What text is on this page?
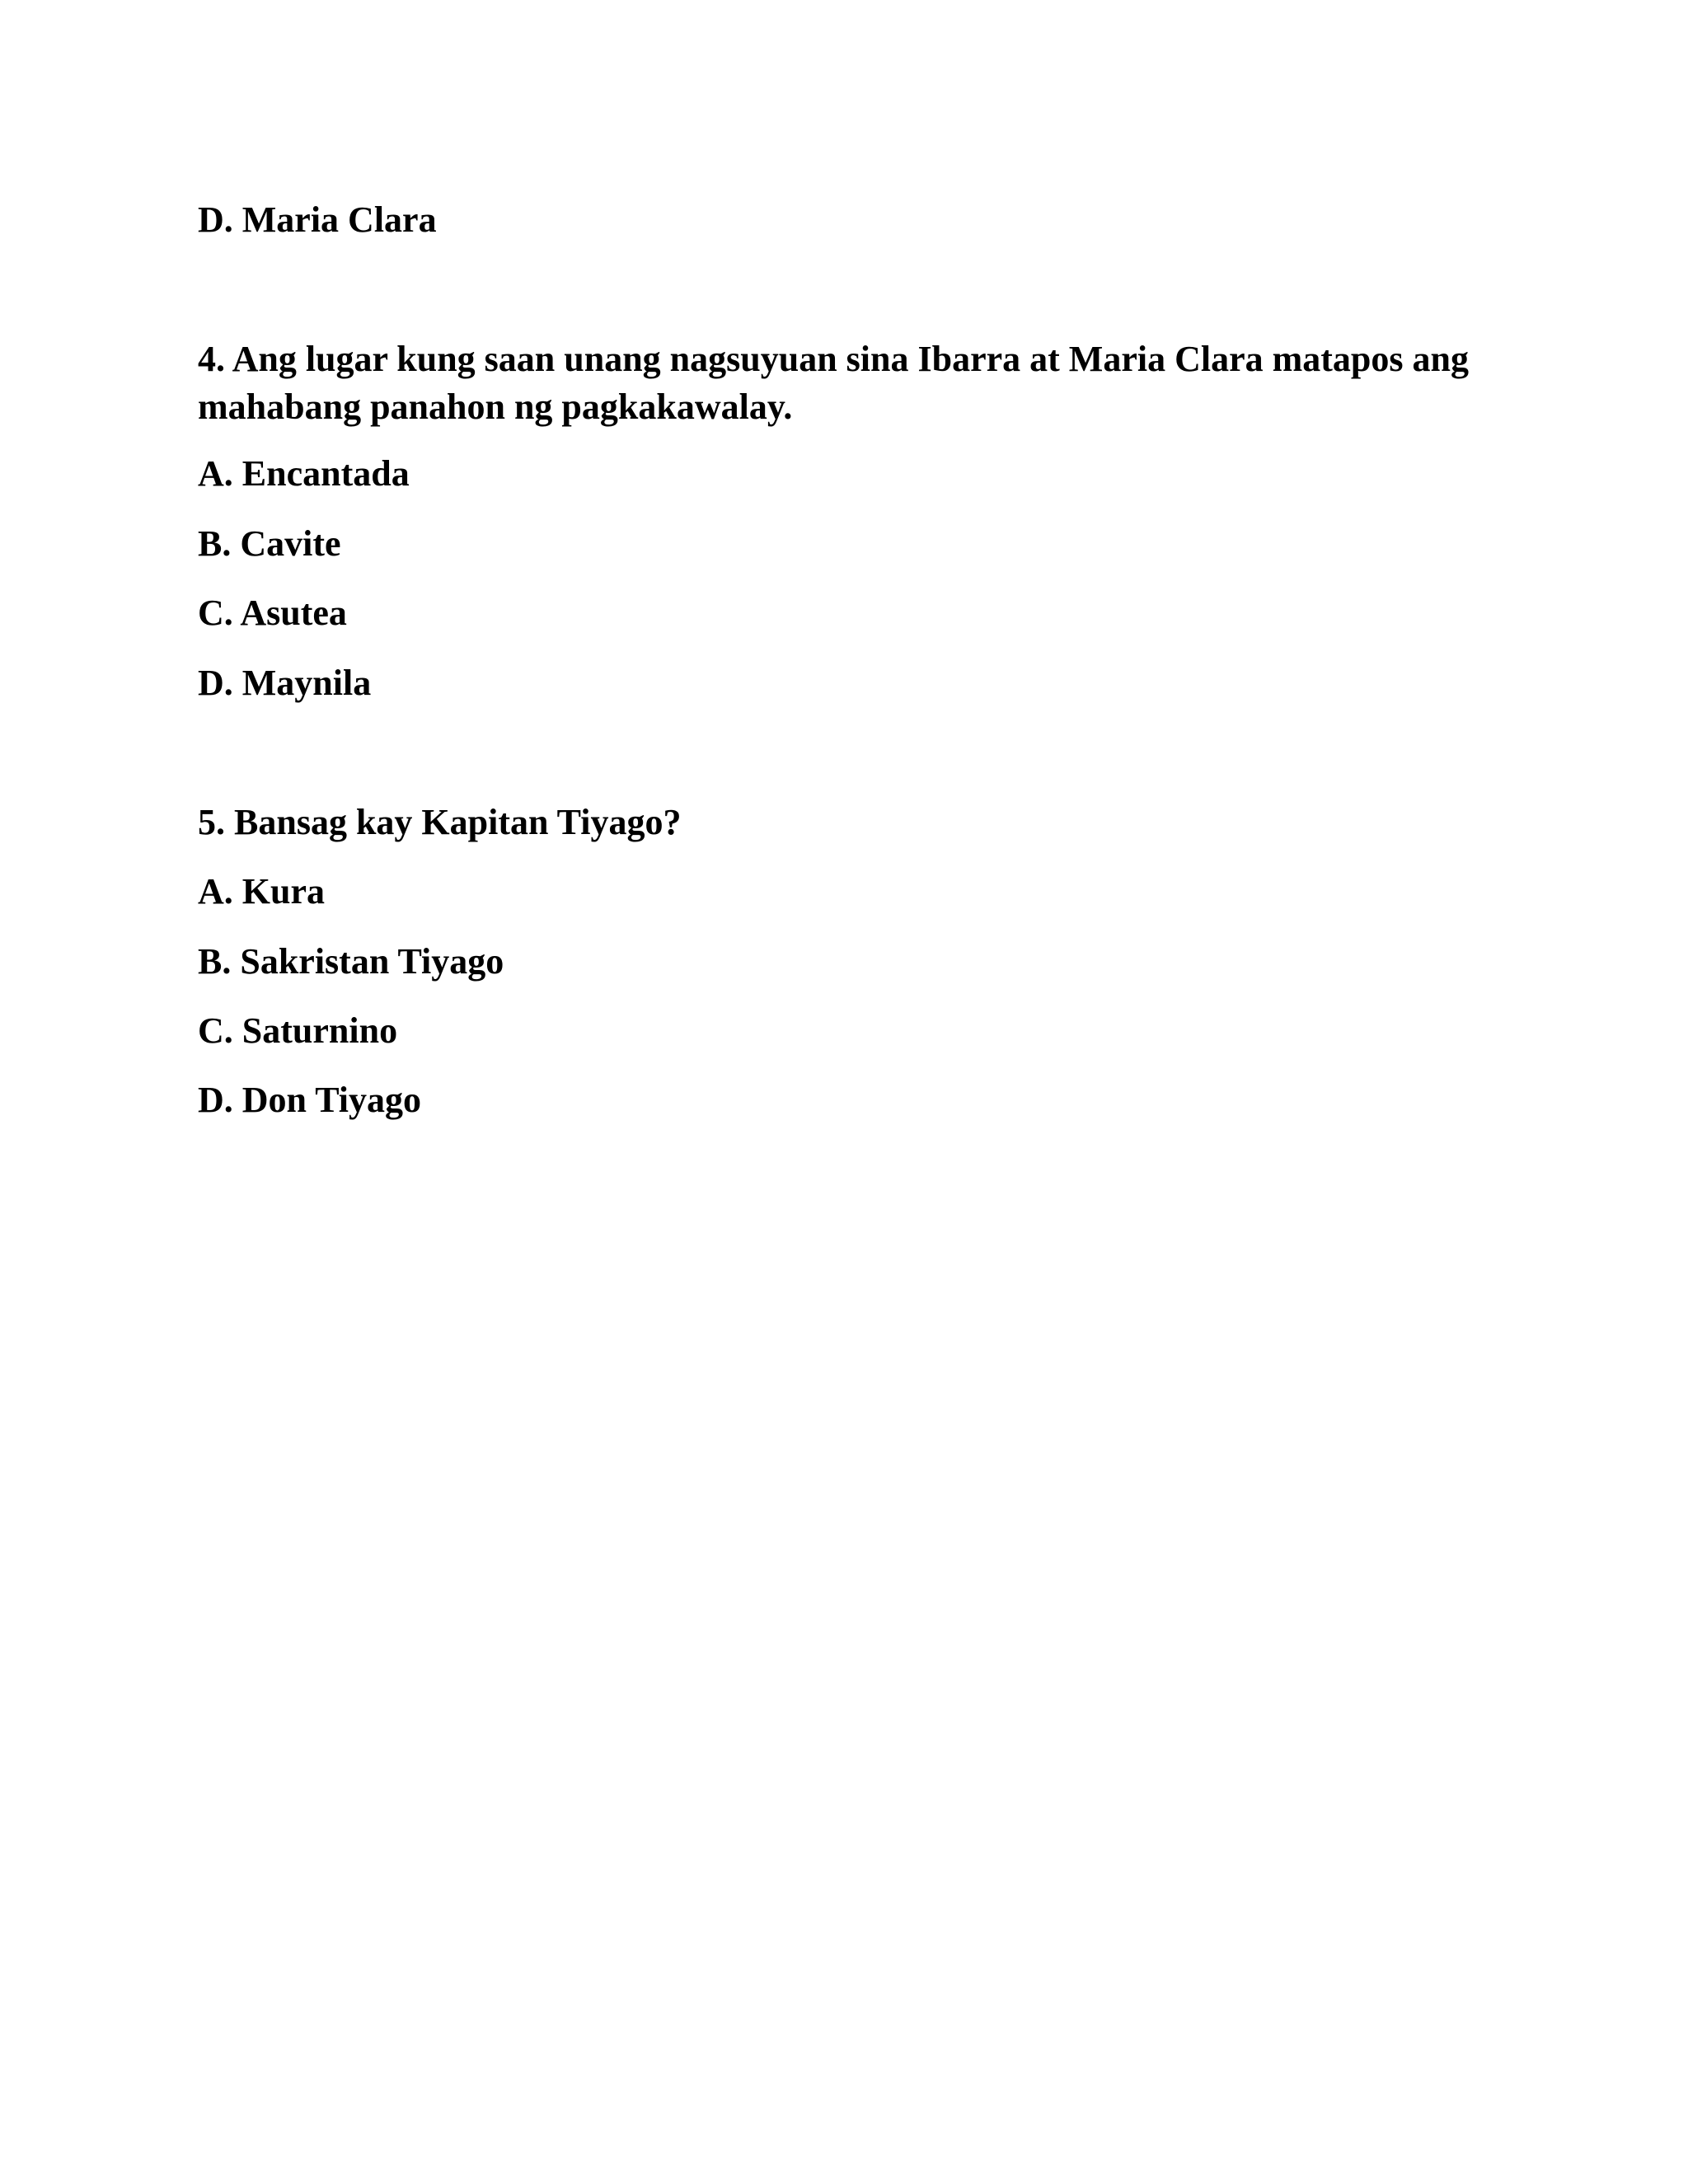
D. Maria Clara

4. Ang lugar kung saan unang nagsuyuan sina Ibarra at Maria Clara matapos ang mahabang panahon ng pagkakawalay.

A. Encantada

B. Cavite

C. Asutea

D. Maynila

5. Bansag kay Kapitan Tiyago?

A. Kura

B. Sakristan Tiyago

C. Saturnino

D. Don Tiyago
